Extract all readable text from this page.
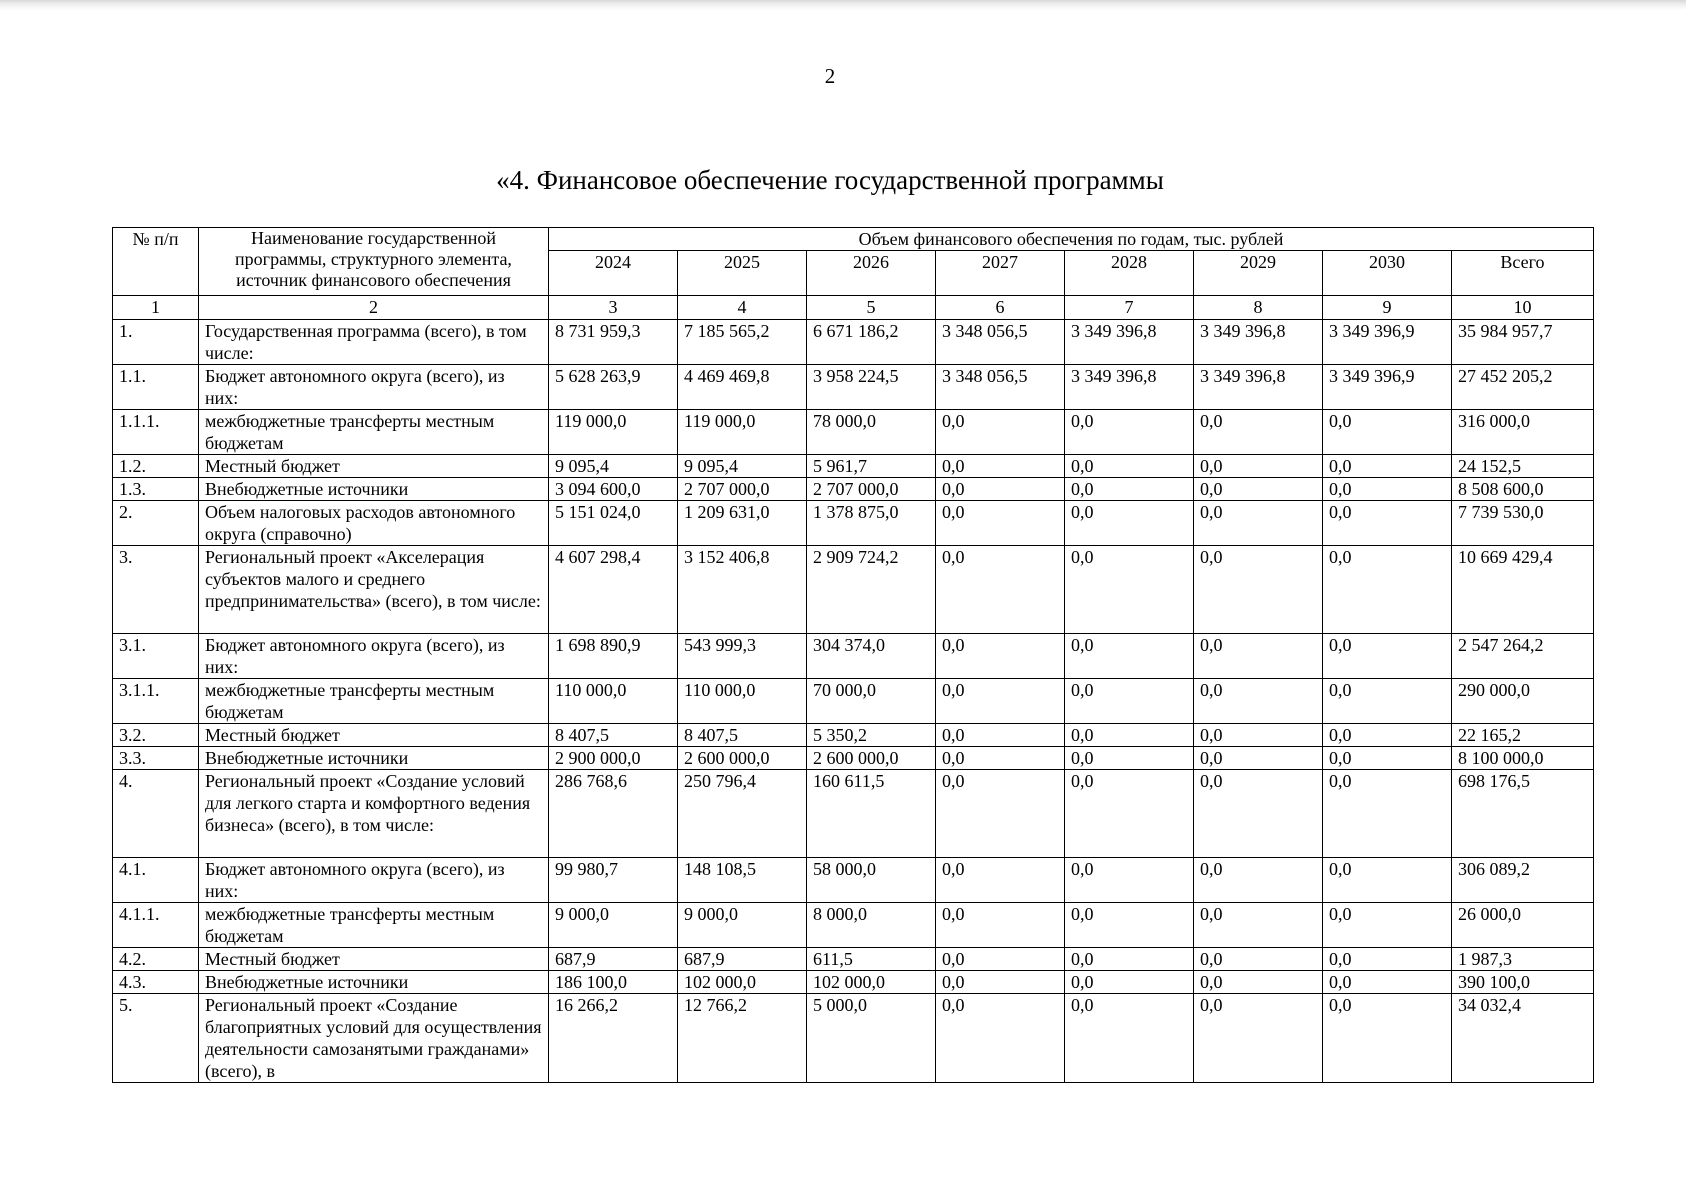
2
«4. Финансовое обеспечение государственной программы
№ п/п	Наименование государственной программы, структурного элемента, источник финансового обеспечения	Объем финансового обеспечения по годам, тыс. рублей							
		2024	2025	2026	2027	2028	2029	2030	Всего
1	2	3	4	5	6	7	8	9	10
1.	Государственная программа (всего), в том числе:	8 731 959,3	7 185 565,2	6 671 186,2	3 348 056,5	3 349 396,8	3 349 396,8	3 349 396,9	35 984 957,7
1.1.	Бюджет автономного округа (всего), из них:	5 628 263,9	4 469 469,8	3 958 224,5	3 348 056,5	3 349 396,8	3 349 396,8	3 349 396,9	27 452 205,2
1.1.1.	межбюджетные трансферты местным бюджетам	119 000,0	119 000,0	78 000,0	0,0	0,0	0,0	0,0	316 000,0
1.2.	Местный бюджет	9 095,4	9 095,4	5 961,7	0,0	0,0	0,0	0,0	24 152,5
1.3.	Внебюджетные источники	3 094 600,0	2 707 000,0	2 707 000,0	0,0	0,0	0,0	0,0	8 508 600,0
2.	Объем налоговых расходов автономного округа (справочно)	5 151 024,0	1 209 631,0	1 378 875,0	0,0	0,0	0,0	0,0	7 739 530,0
3.	Региональный проект «Акселерация субъектов малого и среднего предпринимательства» (всего), в том числе:	4 607 298,4	3 152 406,8	2 909 724,2	0,0	0,0	0,0	0,0	10 669 429,4
3.1.	Бюджет автономного округа (всего), из них:	1 698 890,9	543 999,3	304 374,0	0,0	0,0	0,0	0,0	2 547 264,2
3.1.1.	межбюджетные трансферты местным бюджетам	110 000,0	110 000,0	70 000,0	0,0	0,0	0,0	0,0	290 000,0
3.2.	Местный бюджет	8 407,5	8 407,5	5 350,2	0,0	0,0	0,0	0,0	22 165,2
3.3.	Внебюджетные источники	2 900 000,0	2 600 000,0	2 600 000,0	0,0	0,0	0,0	0,0	8 100 000,0
4.	Региональный проект «Создание условий для легкого старта и комфортного ведения бизнеса» (всего), в том числе:	286 768,6	250 796,4	160 611,5	0,0	0,0	0,0	0,0	698 176,5
4.1.	Бюджет автономного округа (всего), из них:	99 980,7	148 108,5	58 000,0	0,0	0,0	0,0	0,0	306 089,2
4.1.1.	межбюджетные трансферты местным бюджетам	9 000,0	9 000,0	8 000,0	0,0	0,0	0,0	0,0	26 000,0
4.2.	Местный бюджет	687,9	687,9	611,5	0,0	0,0	0,0	0,0	1 987,3
4.3.	Внебюджетные источники	186 100,0	102 000,0	102 000,0	0,0	0,0	0,0	0,0	390 100,0
5.	Региональный проект «Создание благоприятных условий для осуществления деятельности самозанятыми гражданами» (всего), в	16 266,2	12 766,2	5 000,0	0,0	0,0	0,0	0,0	34 032,4
